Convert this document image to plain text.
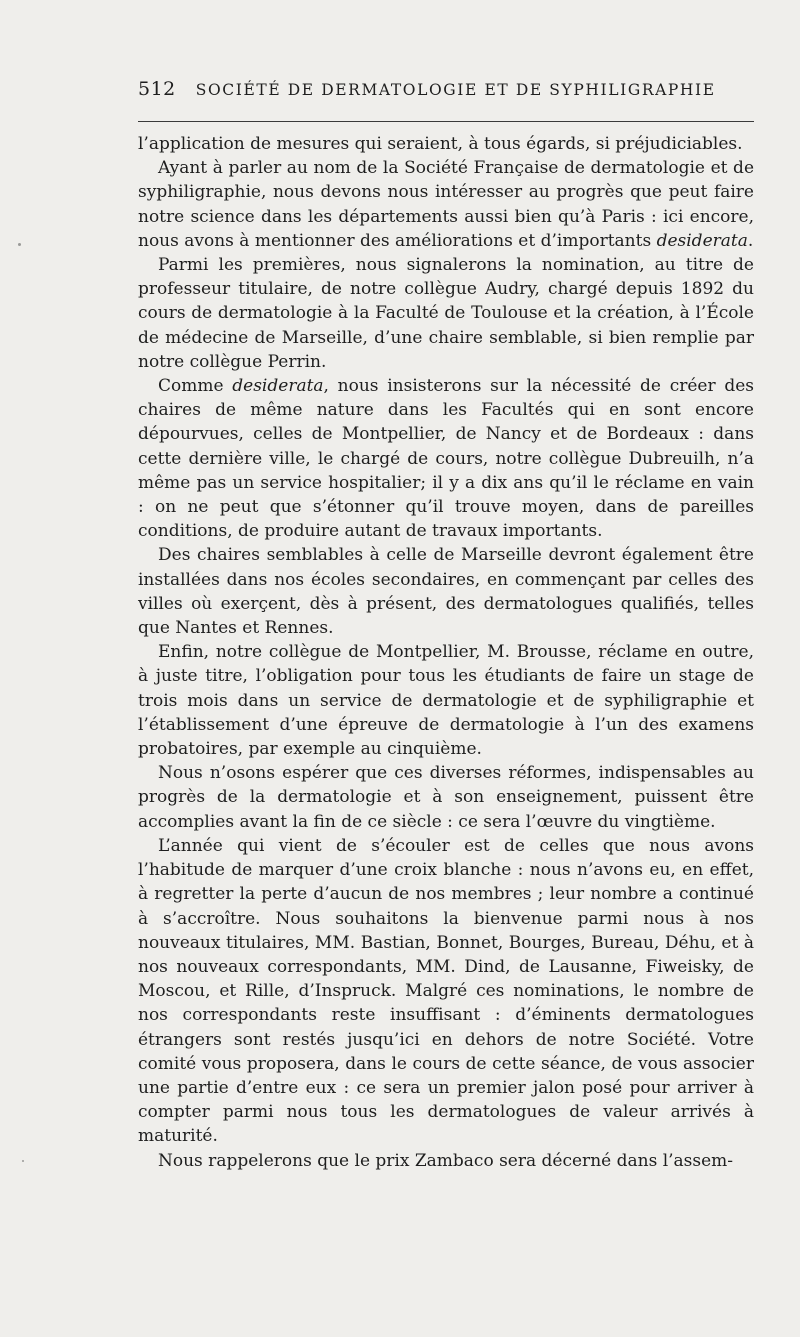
512 SOCIÉTÉ DE DERMATOLOGIE ET DE SYPHILIGRAPHIE

l’application de mesures qui seraient, à tous égards, si préjudiciables.

Ayant à parler au nom de la Société Française de dermatologie et de syphiligraphie, nous devons nous intéresser au progrès que peut faire notre science dans les départements aussi bien qu’à Paris : ici encore, nous avons à mentionner des améliorations et d’importants desiderata.

Parmi les premières, nous signalerons la nomination, au titre de professeur titulaire, de notre collègue Audry, chargé depuis 1892 du cours de dermatologie à la Faculté de Toulouse et la création, à l’École de médecine de Marseille, d’une chaire semblable, si bien remplie par notre collègue Perrin.

Comme desiderata, nous insisterons sur la nécessité de créer des chaires de même nature dans les Facultés qui en sont encore dépourvues, celles de Montpellier, de Nancy et de Bordeaux : dans cette dernière ville, le chargé de cours, notre collègue Dubreuilh, n’a même pas un service hospitalier; il y a dix ans qu’il le réclame en vain : on ne peut que s’étonner qu’il trouve moyen, dans de pareilles conditions, de produire autant de travaux importants.

Des chaires semblables à celle de Marseille devront également être installées dans nos écoles secondaires, en commençant par celles des villes où exerçent, dès à présent, des dermatologues qualifiés, telles que Nantes et Rennes.

Enfin, notre collègue de Montpellier, M. Brousse, réclame en outre, à juste titre, l’obligation pour tous les étudiants de faire un stage de trois mois dans un service de dermatologie et de syphiligraphie et l’établissement d’une épreuve de dermatologie à l’un des examens probatoires, par exemple au cinquième.

Nous n’osons espérer que ces diverses réformes, indispensables au progrès de la dermatologie et à son enseignement, puissent être accomplies avant la fin de ce siècle : ce sera l’œuvre du vingtième.

L’année qui vient de s’écouler est de celles que nous avons l’habitude de marquer d’une croix blanche : nous n’avons eu, en effet, à regretter la perte d’aucun de nos membres ; leur nombre a continué à s’accroître. Nous souhaitons la bienvenue parmi nous à nos nouveaux titulaires, MM. Bastian, Bonnet, Bourges, Bureau, Déhu, et à nos nouveaux correspondants, MM. Dind, de Lausanne, Fiweisky, de Moscou, et Rille, d’Inspruck. Malgré ces nominations, le nombre de nos correspondants reste insuffisant : d’éminents dermatologues étrangers sont restés jusqu’ici en dehors de notre Société. Votre comité vous proposera, dans le cours de cette séance, de vous associer une partie d’entre eux : ce sera un premier jalon posé pour arriver à compter parmi nous tous les dermatologues de valeur arrivés à maturité.

Nous rappelerons que le prix Zambaco sera décerné dans l’assem-
